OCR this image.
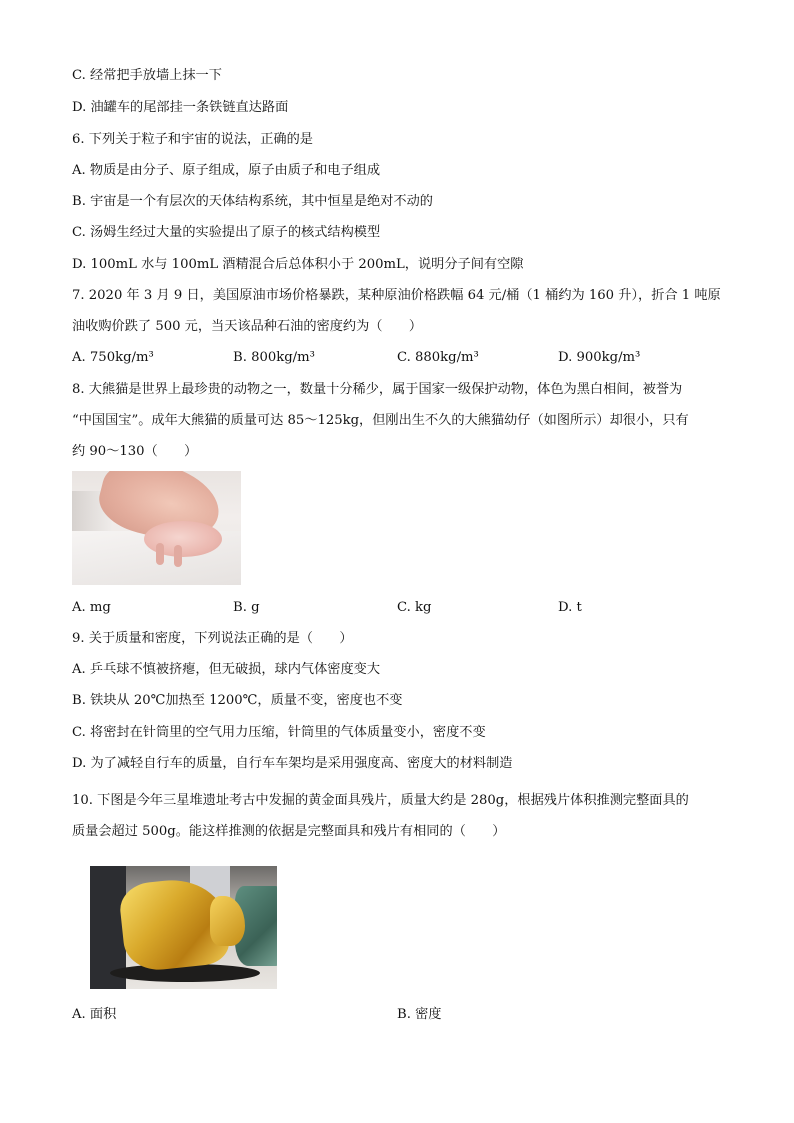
C. 经常把手放墙上抹一下
D. 油罐车的尾部挂一条铁链直达路面
6. 下列关于粒子和宇宙的说法，正确的是
A. 物质是由分子、原子组成，原子由质子和电子组成
B. 宇宙是一个有层次的天体结构系统，其中恒星是绝对不动的
C. 汤姆生经过大量的实验提出了原子的核式结构模型
D. 100mL 水与 100mL 酒精混合后总体积小于 200mL，说明分子间有空隙
7. 2020 年 3 月 9 日，美国原油市场价格暴跌，某种原油价格跌幅 64 元/桶（1 桶约为 160 升），折合 1 吨原
油收购价跌了 500 元，当天该品种石油的密度约为（　　）
A. 750kg/m³	B. 800kg/m³	C. 880kg/m³	D. 900kg/m³
8. 大熊猫是世界上最珍贵的动物之一，数量十分稀少，属于国家一级保护动物，体色为黑白相间，被誉为
“中国国宝”。成年大熊猫的质量可达 85～125kg，但刚出生不久的大熊猫幼仔（如图所示）却很小，只有
约 90～130（　　）
A. mg	B. g	C. kg	D. t
9. 关于质量和密度，下列说法正确的是（　　）
A. 乒乓球不慎被挤瘪，但无破损，球内气体密度变大
B. 铁块从 20℃加热至 1200℃，质量不变，密度也不变
C. 将密封在针筒里的空气用力压缩，针筒里的气体质量变小，密度不变
D. 为了减轻自行车的质量，自行车车架均是采用强度高、密度大的材料制造
10. 下图是今年三星堆遗址考古中发掘的黄金面具残片，质量大约是 280g，根据残片体积推测完整面具的
质量会超过 500g。能这样推测的依据是完整面具和残片有相同的（　　）
A. 面积	B. 密度
